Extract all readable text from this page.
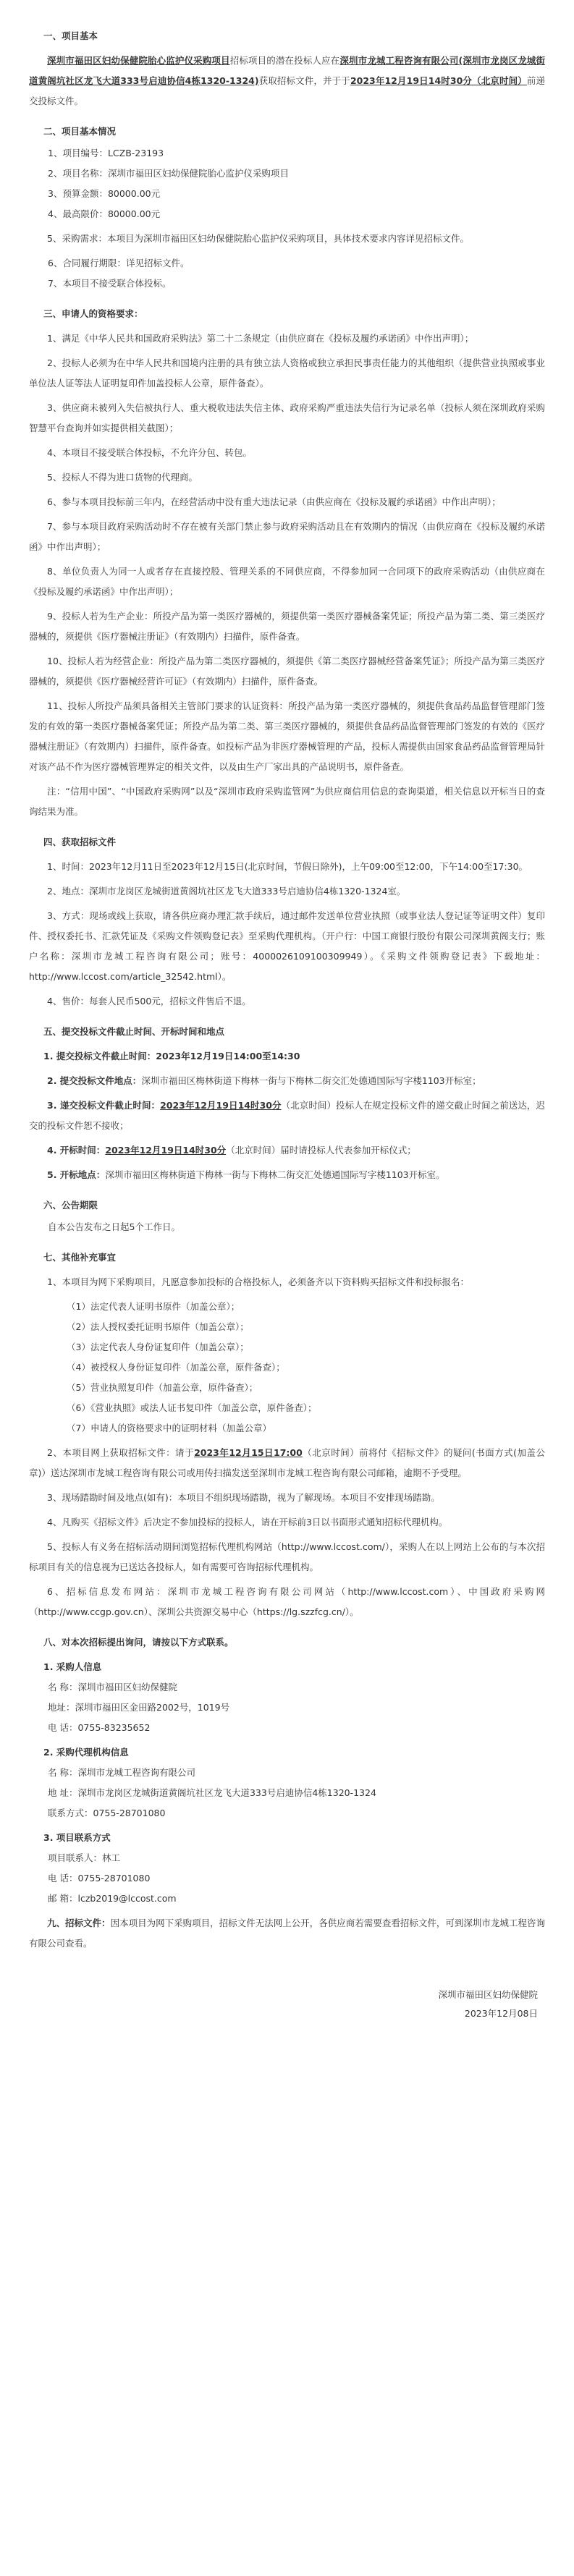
一、项目基本
深圳市福田区妇幼保健院胎心监护仪采购项目招标项目的潜在投标人应在深圳市龙城工程咨询有限公司(深圳市龙岗区龙城街道黄阁坑社区龙飞大道333号启迪协信4栋1320-1324)获取招标文件，并于于2023年12月19日14时30分（北京时间）前递交投标文件。
二、项目基本情况
1、项目编号：LCZB-23193
2、项目名称：深圳市福田区妇幼保健院胎心监护仪采购项目
3、预算金额：80000.00元
4、最高限价：80000.00元
5、采购需求：本项目为深圳市福田区妇幼保健院胎心监护仪采购项目，具体技术要求内容详见招标文件。
6、合同履行期限：详见招标文件。
7、本项目不接受联合体投标。
三、申请人的资格要求：
1、满足《中华人民共和国政府采购法》第二十二条规定（由供应商在《投标及履约承诺函》中作出声明）；
2、投标人必须为在中华人民共和国境内注册的具有独立法人资格或独立承担民事责任能力的其他组织（提供营业执照或事业单位法人证等法人证明复印件加盖投标人公章，原件备查）。
3、供应商未被列入失信被执行人、重大税收违法失信主体、政府采购严重违法失信行为记录名单（投标人须在深圳政府采购智慧平台查询并如实提供相关截图）；
4、本项目不接受联合体投标，不允许分包、转包。
5、投标人不得为进口货物的代理商。
6、参与本项目投标前三年内，在经营活动中没有重大违法记录（由供应商在《投标及履约承诺函》中作出声明）；
7、参与本项目政府采购活动时不存在被有关部门禁止参与政府采购活动且在有效期内的情况（由供应商在《投标及履约承诺函》中作出声明）；
8、单位负责人为同一人或者存在直接控股、管理关系的不同供应商，不得参加同一合同项下的政府采购活动（由供应商在《投标及履约承诺函》中作出声明）；
9、投标人若为生产企业：所投产品为第一类医疗器械的，须提供第一类医疗器械备案凭证；所投产品为第二类、第三类医疗器械的，须提供《医疗器械注册证》（有效期内）扫描件，原件备查。
10、投标人若为经营企业：所投产品为第二类医疗器械的，须提供《第二类医疗器械经营备案凭证》；所投产品为第三类医疗器械的，须提供《医疗器械经营许可证》（有效期内）扫描件，原件备查。
11、投标人所投产品须具备相关主管部门要求的认证资料：所投产品为第一类医疗器械的，须提供食品药品监督管理部门签发的有效的第一类医疗器械备案凭证；所投产品为第二类、第三类医疗器械的，须提供食品药品监督管理部门签发的有效的《医疗器械注册证》（有效期内）扫描件，原件备查。如投标产品为非医疗器械管理的产品，投标人需提供由国家食品药品监督管理局针对该产品不作为医疗器械管理界定的相关文件，以及由生产厂家出具的产品说明书，原件备查。
注：“信用中国”、“中国政府采购网”以及“深圳市政府采购监管网”为供应商信用信息的查询渠道，相关信息以开标当日的查询结果为准。
四、获取招标文件
1、时间：2023年12月11日至2023年12月15日(北京时间，节假日除外)，上午09:00至12:00，下午14:00至17:30。
2、地点：深圳市龙岗区龙城街道黄阁坑社区龙飞大道333号启迪协信4栋1320-1324室。
3、方式：现场或线上获取，请各供应商办理汇款手续后，通过邮件发送单位营业执照（或事业法人登记证等证明文件）复印件、授权委托书、汇款凭证及《采购文件领购登记表》至采购代理机构。（开户行：中国工商银行股份有限公司深圳黄阁支行；账户名称：深圳市龙城工程咨询有限公司；账号：4000026109100309949）。《采购文件领购登记表》下载地址：http://www.lccost.com/article_32542.html）。
4、售价：每套人民币500元，招标文件售后不退。
五、提交投标文件截止时间、开标时间和地点
1. 提交投标文件截止时间：2023年12月19日14:00至14:30
2. 提交投标文件地点：深圳市福田区梅林街道下梅林一街与下梅林二街交汇处德通国际写字楼1103开标室；
3. 递交投标文件截止时间：2023年12月19日14时30分（北京时间）投标人在规定投标文件的递交截止时间之前送达，迟交的投标文件恕不接收；
4. 开标时间：2023年12月19日14时30分（北京时间）届时请投标人代表参加开标仪式；
5. 开标地点：深圳市福田区梅林街道下梅林一街与下梅林二街交汇处德通国际写字楼1103开标室。
六、公告期限
自本公告发布之日起5个工作日。
七、其他补充事宜
1、本项目为网下采购项目，凡愿意参加投标的合格投标人，必须备齐以下资料购买招标文件和投标报名：
（1）法定代表人证明书原件（加盖公章）；
（2）法人授权委托证明书原件（加盖公章）；
（3）法定代表人身份证复印件（加盖公章）；
（4）被授权人身份证复印件（加盖公章，原件备查）；
（5）营业执照复印件（加盖公章，原件备查）；
（6）《营业执照》或法人证书复印件（加盖公章，原件备查）；
（7）申请人的资格要求中的证明材料（加盖公章）
2、本项目网上获取招标文件：请于2023年12月15日17:00（北京时间）前将付《招标文件》的疑问(书面方式(加盖公章)）送达深圳市龙城工程咨询有限公司或用传扫描发送至深圳市龙城工程咨询有限公司邮箱，逾期不予受理。
3、现场踏勘时间及地点(如有)：本项目不组织现场踏勘，视为了解现场。本项目不安排现场踏勘。
4、凡购买《招标文件》后决定不参加投标的投标人，请在开标前3日以书面形式通知招标代理机构。
5、投标人有义务在招标活动期间浏览招标代理机构网站（http://www.lccost.com/），采购人在以上网站上公布的与本次招标项目有关的信息视为已送达各投标人，如有需要可咨询招标代理机构。
6、招标信息发布网站：深圳市龙城工程咨询有限公司网站（http://www.lccost.com）、中国政府采购网（http://www.ccgp.gov.cn）、深圳公共资源交易中心（https://lg.szzfcg.cn/）。
八、对本次招标提出询问，请按以下方式联系。
1. 采购人信息
名 称：深圳市福田区妇幼保健院
地址：深圳市福田区金田路2002号，1019号
电 话：0755-83235652
2. 采购代理机构信息
名 称：深圳市龙城工程咨询有限公司
地 址：深圳市龙岗区龙城街道黄阁坑社区龙飞大道333号启迪协信4栋1320-1324
联系方式：0755-28701080
3. 项目联系方式
项目联系人：林工
电 话：0755-28701080
邮 箱：lczb2019@lccost.com
九、招标文件：因本项目为网下采购项目，招标文件无法网上公开，各供应商若需要查看招标文件，可到深圳市龙城工程咨询有限公司查看。
深圳市福田区妇幼保健院
2023年12月08日
